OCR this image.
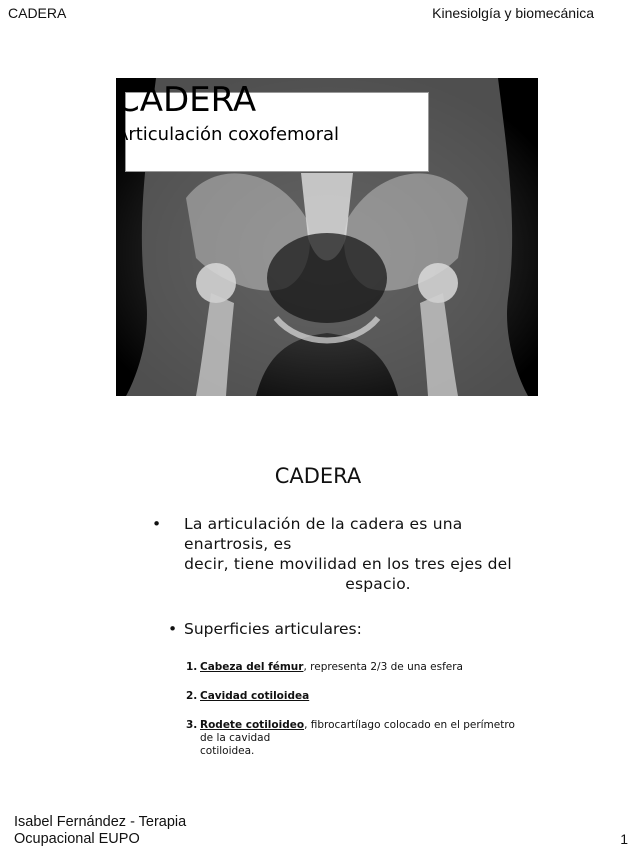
CADERA	Kinesiolgía y biomecánica
CADERA
Articulación coxofemoral
CADERA
• La articulación de la cadera es una
enartrosis, es
decir, tiene movilidad en los tres ejes del
espacio.
• Superficies articulares:
1. Cabeza del fémur, representa 2/3 de una esfera
2. Cavidad cotiloidea
3. Rodete cotiloideo, fibrocartílago colocado en el perímetro de la cavidad
cotiloidea.
Isabel Fernández - Terapia
Ocupacional EUPO	1
